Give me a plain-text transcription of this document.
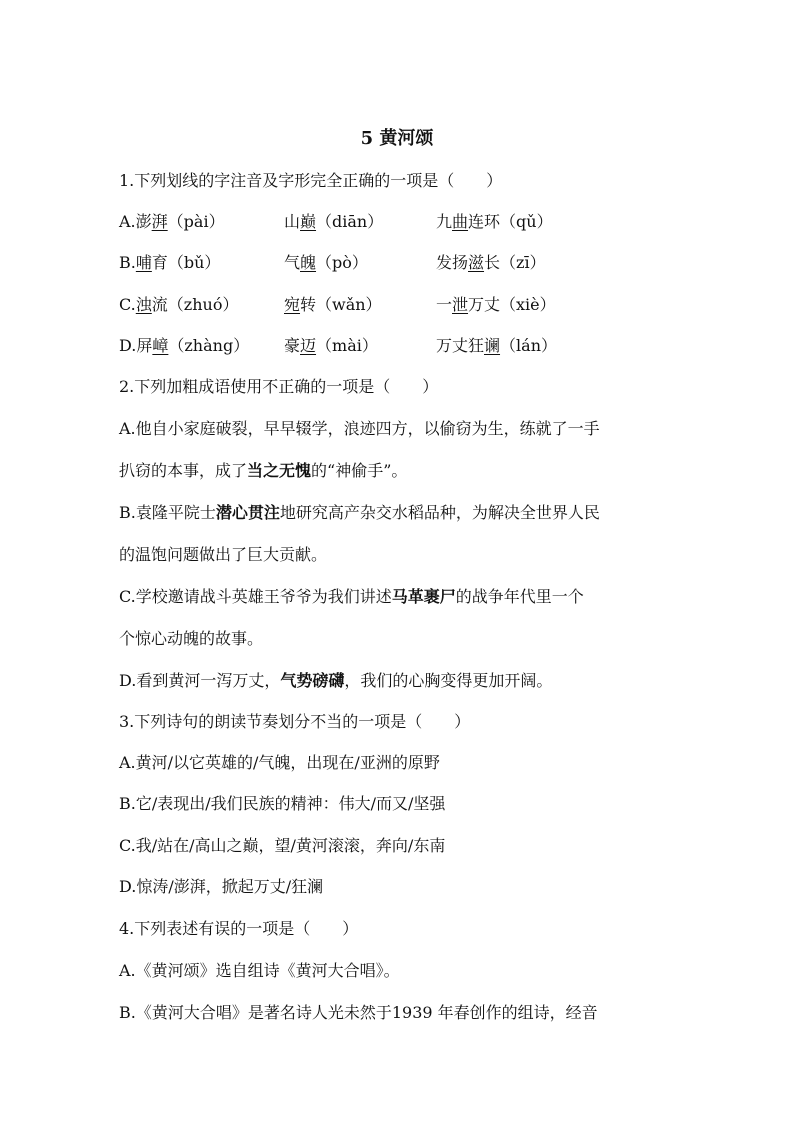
5 黄河颂
1.下列划线的字注音及字形完全正确的一项是（　　）
A.澎湃（pài）	山巅（diān）	九曲连环（qǔ）
B.哺育（bǔ）	气魄（pò）	发扬滋长（zī）
C.浊流（zhuó）	宛转（wǎn）	一泄万丈（xiè）
D.屏嶂（zhàng） 豪迈（mài）	万丈狂谰（lán）
2.下列加粗成语使用不正确的一项是（　　）
A.他自小家庭破裂，早早辍学，浪迹四方，以偷窃为生，练就了一手
扒窃的本事，成了当之无愧的“神偷手”。
B.袁隆平院士潜心贯注地研究高产杂交水稻品种，为解决全世界人民
的温饱问题做出了巨大贡献。
C.学校邀请战斗英雄王爷爷为我们讲述马革裹尸的战争年代里一个
个惊心动魄的故事。
D.看到黄河一泻万丈，气势磅礴，我们的心胸变得更加开阔。
3.下列诗句的朗读节奏划分不当的一项是（　　）
A.黄河/以它英雄的/气魄，出现在/亚洲的原野
B.它/表现出/我们民族的精神：伟大/而又/坚强
C.我/站在/高山之巅，望/黄河滚滚，奔向/东南
D.惊涛/澎湃，掀起万丈/狂澜
4.下列表述有误的一项是（　　）
A.《黄河颂》选自组诗《黄河大合唱》。
B.《黄河大合唱》是著名诗人光未然于1939 年春创作的组诗，经音
